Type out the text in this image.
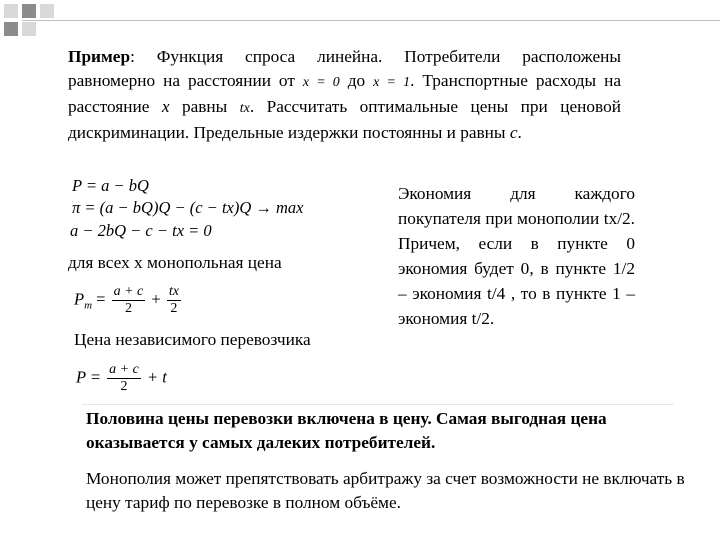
Пример: Функция спроса линейна. Потребители расположены равномерно на расстоянии от x = 0 до x = 1. Транспортные расходы на расстояние x равны tx. Рассчитать оптимальные цены при ценовой дискриминации. Предельные издержки постоянны и равны c.

P = a − bQ
π = (a − bQ)Q − (c − tx)Q → max
a − 2bQ − c − tx = 0

для всех x монопольная цена

$P_m = \frac{a + c}{2} + \frac{tx}{2}$

Цена независимого перевозчика

$P = \frac{a + c}{2} + t$

Экономия для каждого покупателя при монополии tx/2. Причем, если в пункте 0 экономия будет 0, в пункте 1/2 – экономия t/4 , то в пункте 1 – экономия t/2.

Половина цены перевозки включена в цену. Самая выгодная цена оказывается у самых далеких потребителей.

Монополия может препятствовать арбитражу за счет возможности не включать в цену тариф по перевозке в полном объёме.
